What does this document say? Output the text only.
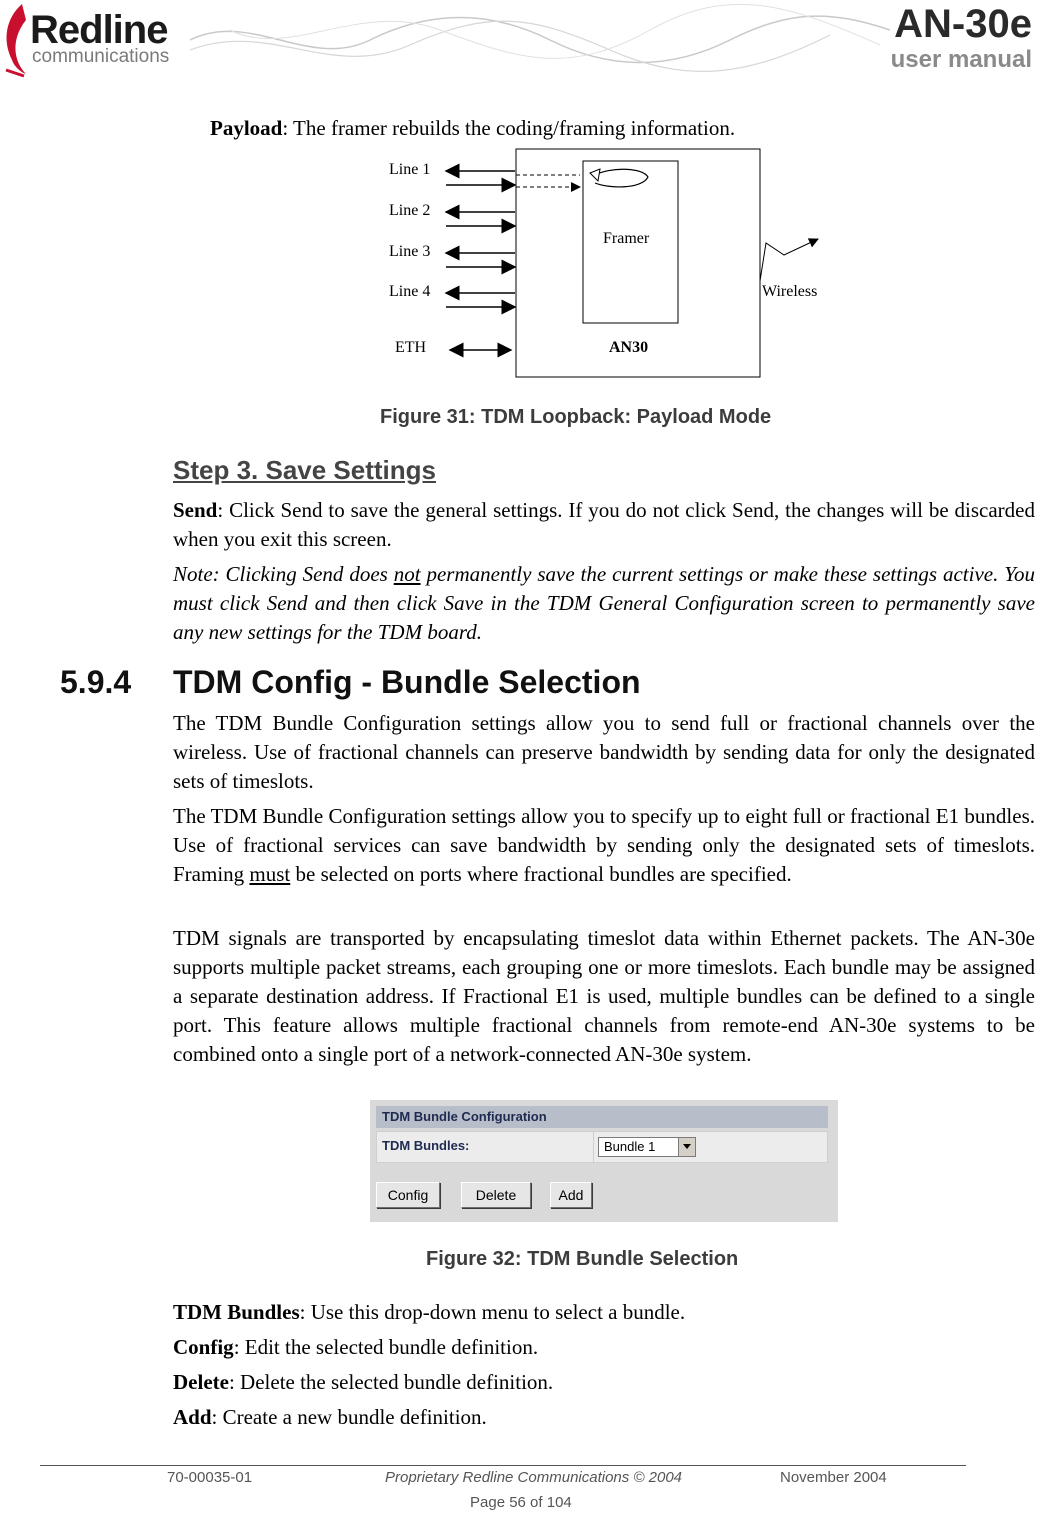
Redline
communications
AN-30e
user manual
Payload: The framer rebuilds the coding/framing information.
Line 1
Line 2
Line 3
Line 4
ETH
Framer
AN30
Wireless
Figure 31: TDM Loopback: Payload Mode
Step 3. Save Settings
Send: Click Send to save the general settings. If you do not click Send, the changes will be discarded when you exit this screen.
Note: Clicking Send does not permanently save the current settings or make these settings active. You must click Send and then click Save in the TDM General Configuration screen to permanently save any new settings for the TDM board.
5.9.4 TDM Config - Bundle Selection
The TDM Bundle Configuration settings allow you to send full or fractional channels over the wireless. Use of fractional channels can preserve bandwidth by sending data for only the designated sets of timeslots.
The TDM Bundle Configuration settings allow you to specify up to eight full or fractional E1 bundles. Use of fractional services can save bandwidth by sending only the designated sets of timeslots. Framing must be selected on ports where fractional bundles are specified.
TDM signals are transported by encapsulating timeslot data within Ethernet packets. The AN-30e supports multiple packet streams, each grouping one or more timeslots. Each bundle may be assigned a separate destination address. If Fractional E1 is used, multiple bundles can be defined to a single port. This feature allows multiple fractional channels from remote-end AN-30e systems to be combined onto a single port of a network-connected AN-30e system.
TDM Bundle Configuration
TDM Bundles:	Bundle 1
Config	Delete	Add
Figure 32: TDM Bundle Selection
TDM Bundles: Use this drop-down menu to select a bundle.
Config: Edit the selected bundle definition.
Delete: Delete the selected bundle definition.
Add: Create a new bundle definition.
70-00035-01	Proprietary Redline Communications © 2004	November 2004
Page 56 of 104
